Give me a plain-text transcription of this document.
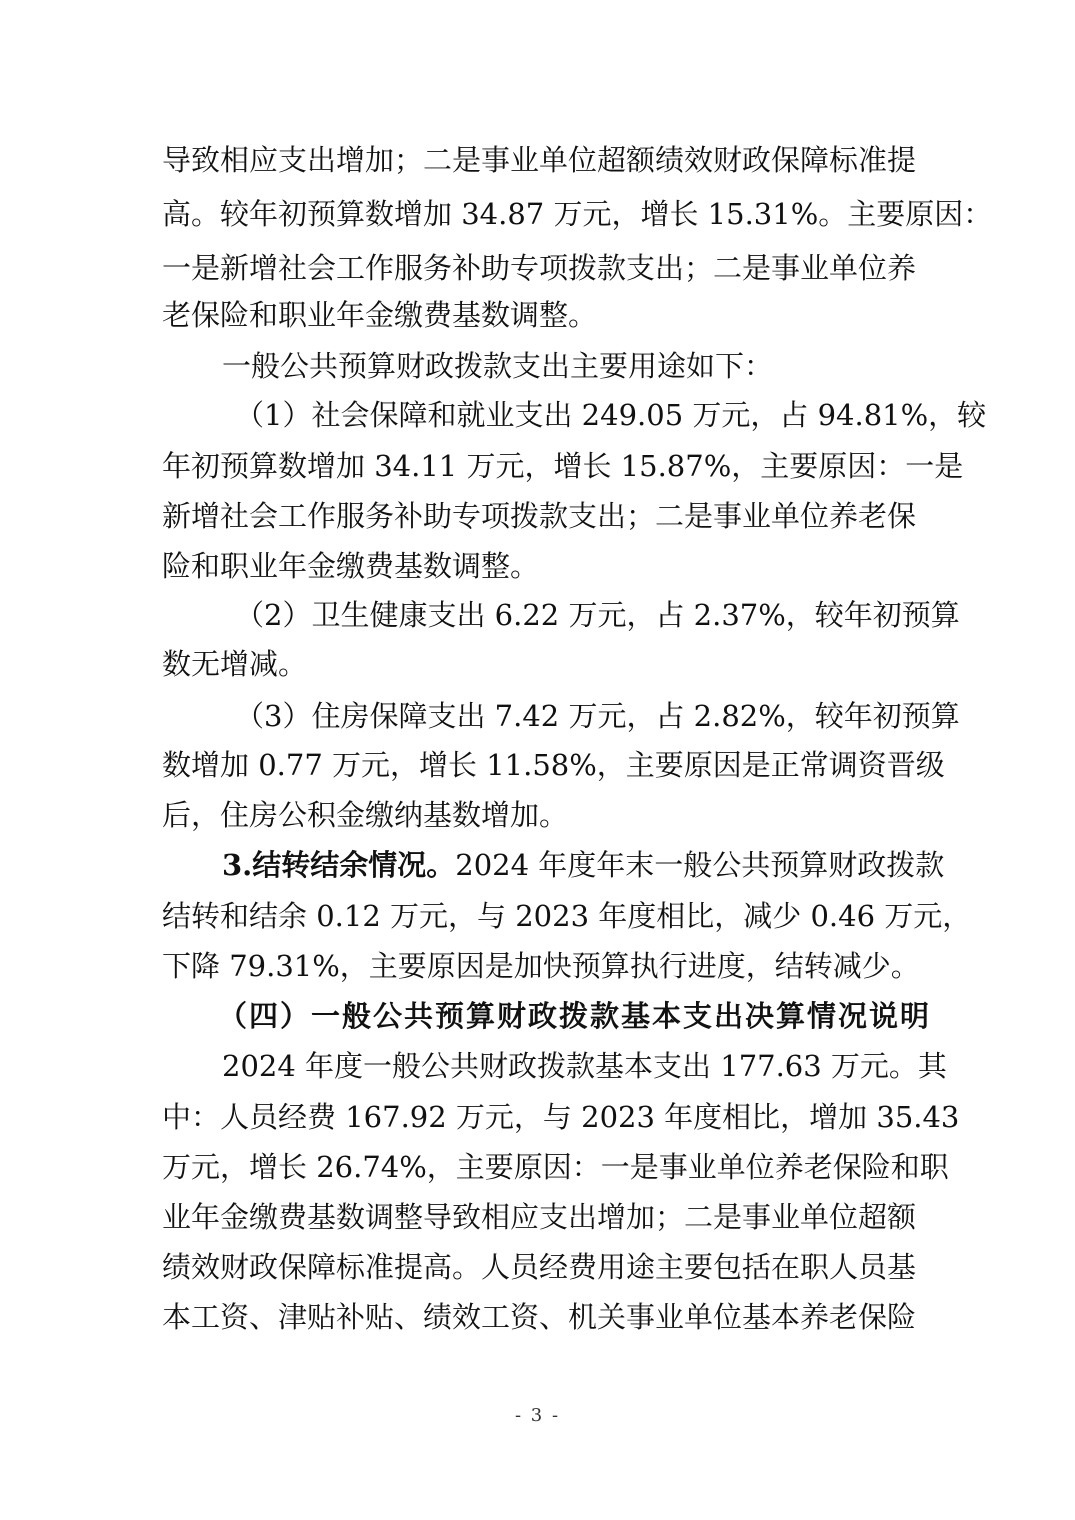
导致相应支出增加；二是事业单位超额绩效财政保障标准提
高。较年初预算数增加 34.87 万元，增长 15.31%。主要原因：
一是新增社会工作服务补助专项拨款支出；二是事业单位养
老保险和职业年金缴费基数调整。
一般公共预算财政拨款支出主要用途如下：
（1）社会保障和就业支出 249.05 万元，占 94.81%，较
年初预算数增加 34.11 万元，增长 15.87%，主要原因：一是
新增社会工作服务补助专项拨款支出；二是事业单位养老保
险和职业年金缴费基数调整。
（2）卫生健康支出 6.22 万元，占 2.37%，较年初预算
数无增减。
（3）住房保障支出 7.42 万元，占 2.82%，较年初预算
数增加 0.77 万元，增长 11.58%，主要原因是正常调资晋级
后，住房公积金缴纳基数增加。
3.结转结余情况。 2024 年度年末一般公共预算财政拨款
结转和结余 0.12 万元，与 2023 年度相比，减少 0.46 万元，
下降 79.31%，主要原因是加快预算执行进度，结转减少。
（四）一般公共预算财政拨款基本支出决算情况说明
2024 年度一般公共财政拨款基本支出 177.63 万元。其
中：人员经费 167.92 万元，与 2023 年度相比，增加 35.43
万元，增长 26.74%，主要原因：一是事业单位养老保险和职
业年金缴费基数调整导致相应支出增加；二是事业单位超额
绩效财政保障标准提高。人员经费用途主要包括在职人员基
本工资、津贴补贴、绩效工资、机关事业单位基本养老保险
- 3 -
